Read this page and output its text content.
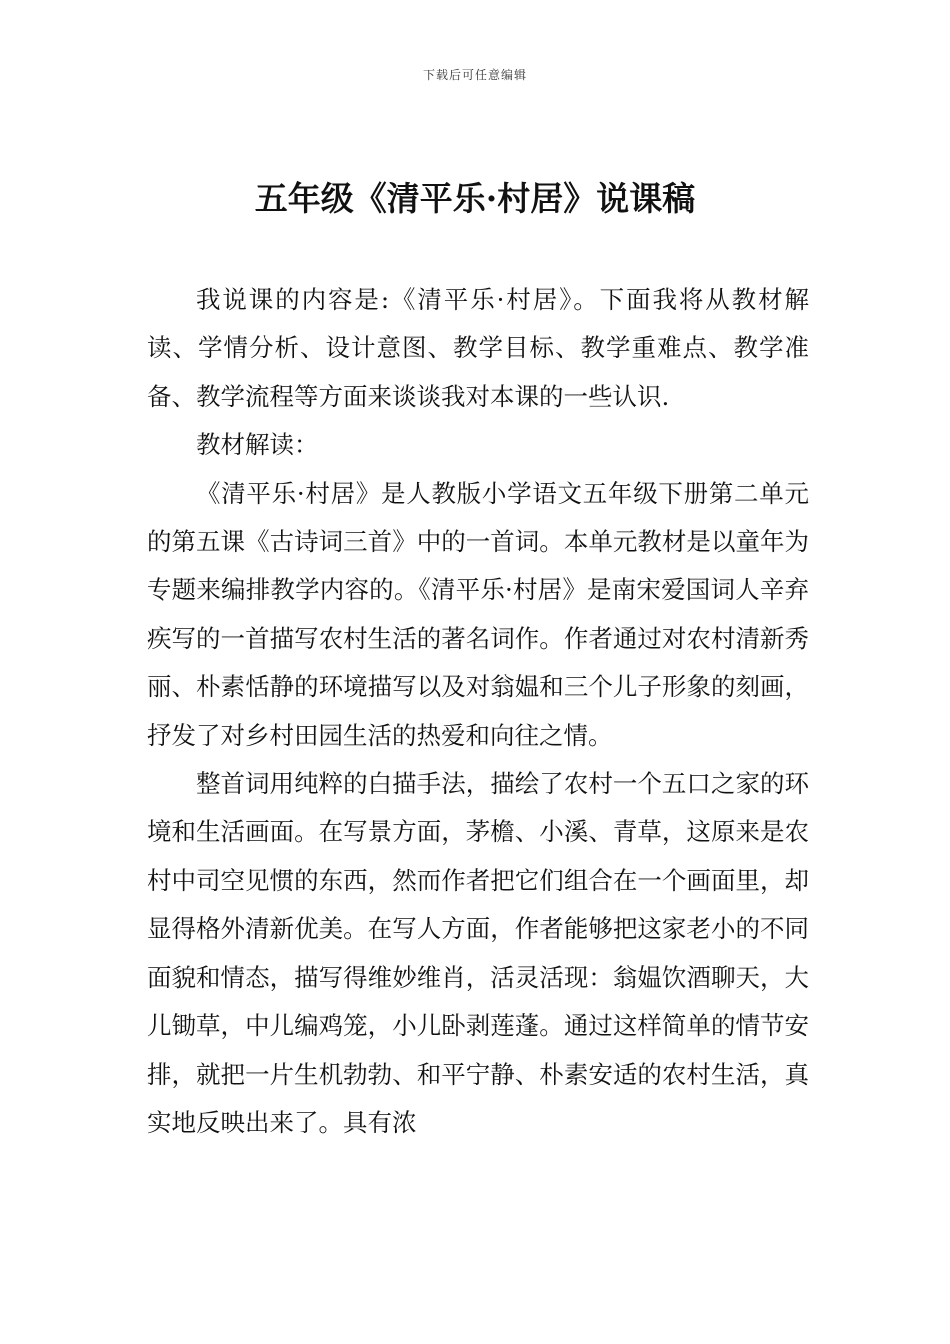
下载后可任意编辑
五年级《清平乐·村居》说课稿

我说课的内容是:《清平乐·村居》。下面我将从教材解读、学情分析、设计意图、教学目标、教学重难点、教学准备、教学流程等方面来谈谈我对本课的一些认识.

教材解读：

《清平乐·村居》是人教版小学语文五年级下册第二单元的第五课《古诗词三首》中的一首词。本单元教材是以童年为专题来编排教学内容的。《清平乐·村居》是南宋爱国词人辛弃疾写的一首描写农村生活的著名词作。作者通过对农村清新秀丽、朴素恬静的环境描写以及对翁媪和三个儿子形象的刻画，抒发了对乡村田园生活的热爱和向往之情。

整首词用纯粹的白描手法，描绘了农村一个五口之家的环境和生活画面。在写景方面，茅檐、小溪、青草，这原来是农村中司空见惯的东西，然而作者把它们组合在一个画面里，却显得格外清新优美。在写人方面，作者能够把这家老小的不同面貌和情态，描写得维妙维肖，活灵活现：翁媪饮酒聊天，大儿锄草，中儿编鸡笼，小儿卧剥莲蓬。通过这样简单的情节安排，就把一片生机勃勃、和平宁静、朴素安适的农村生活，真实地反映出来了。具有浓
